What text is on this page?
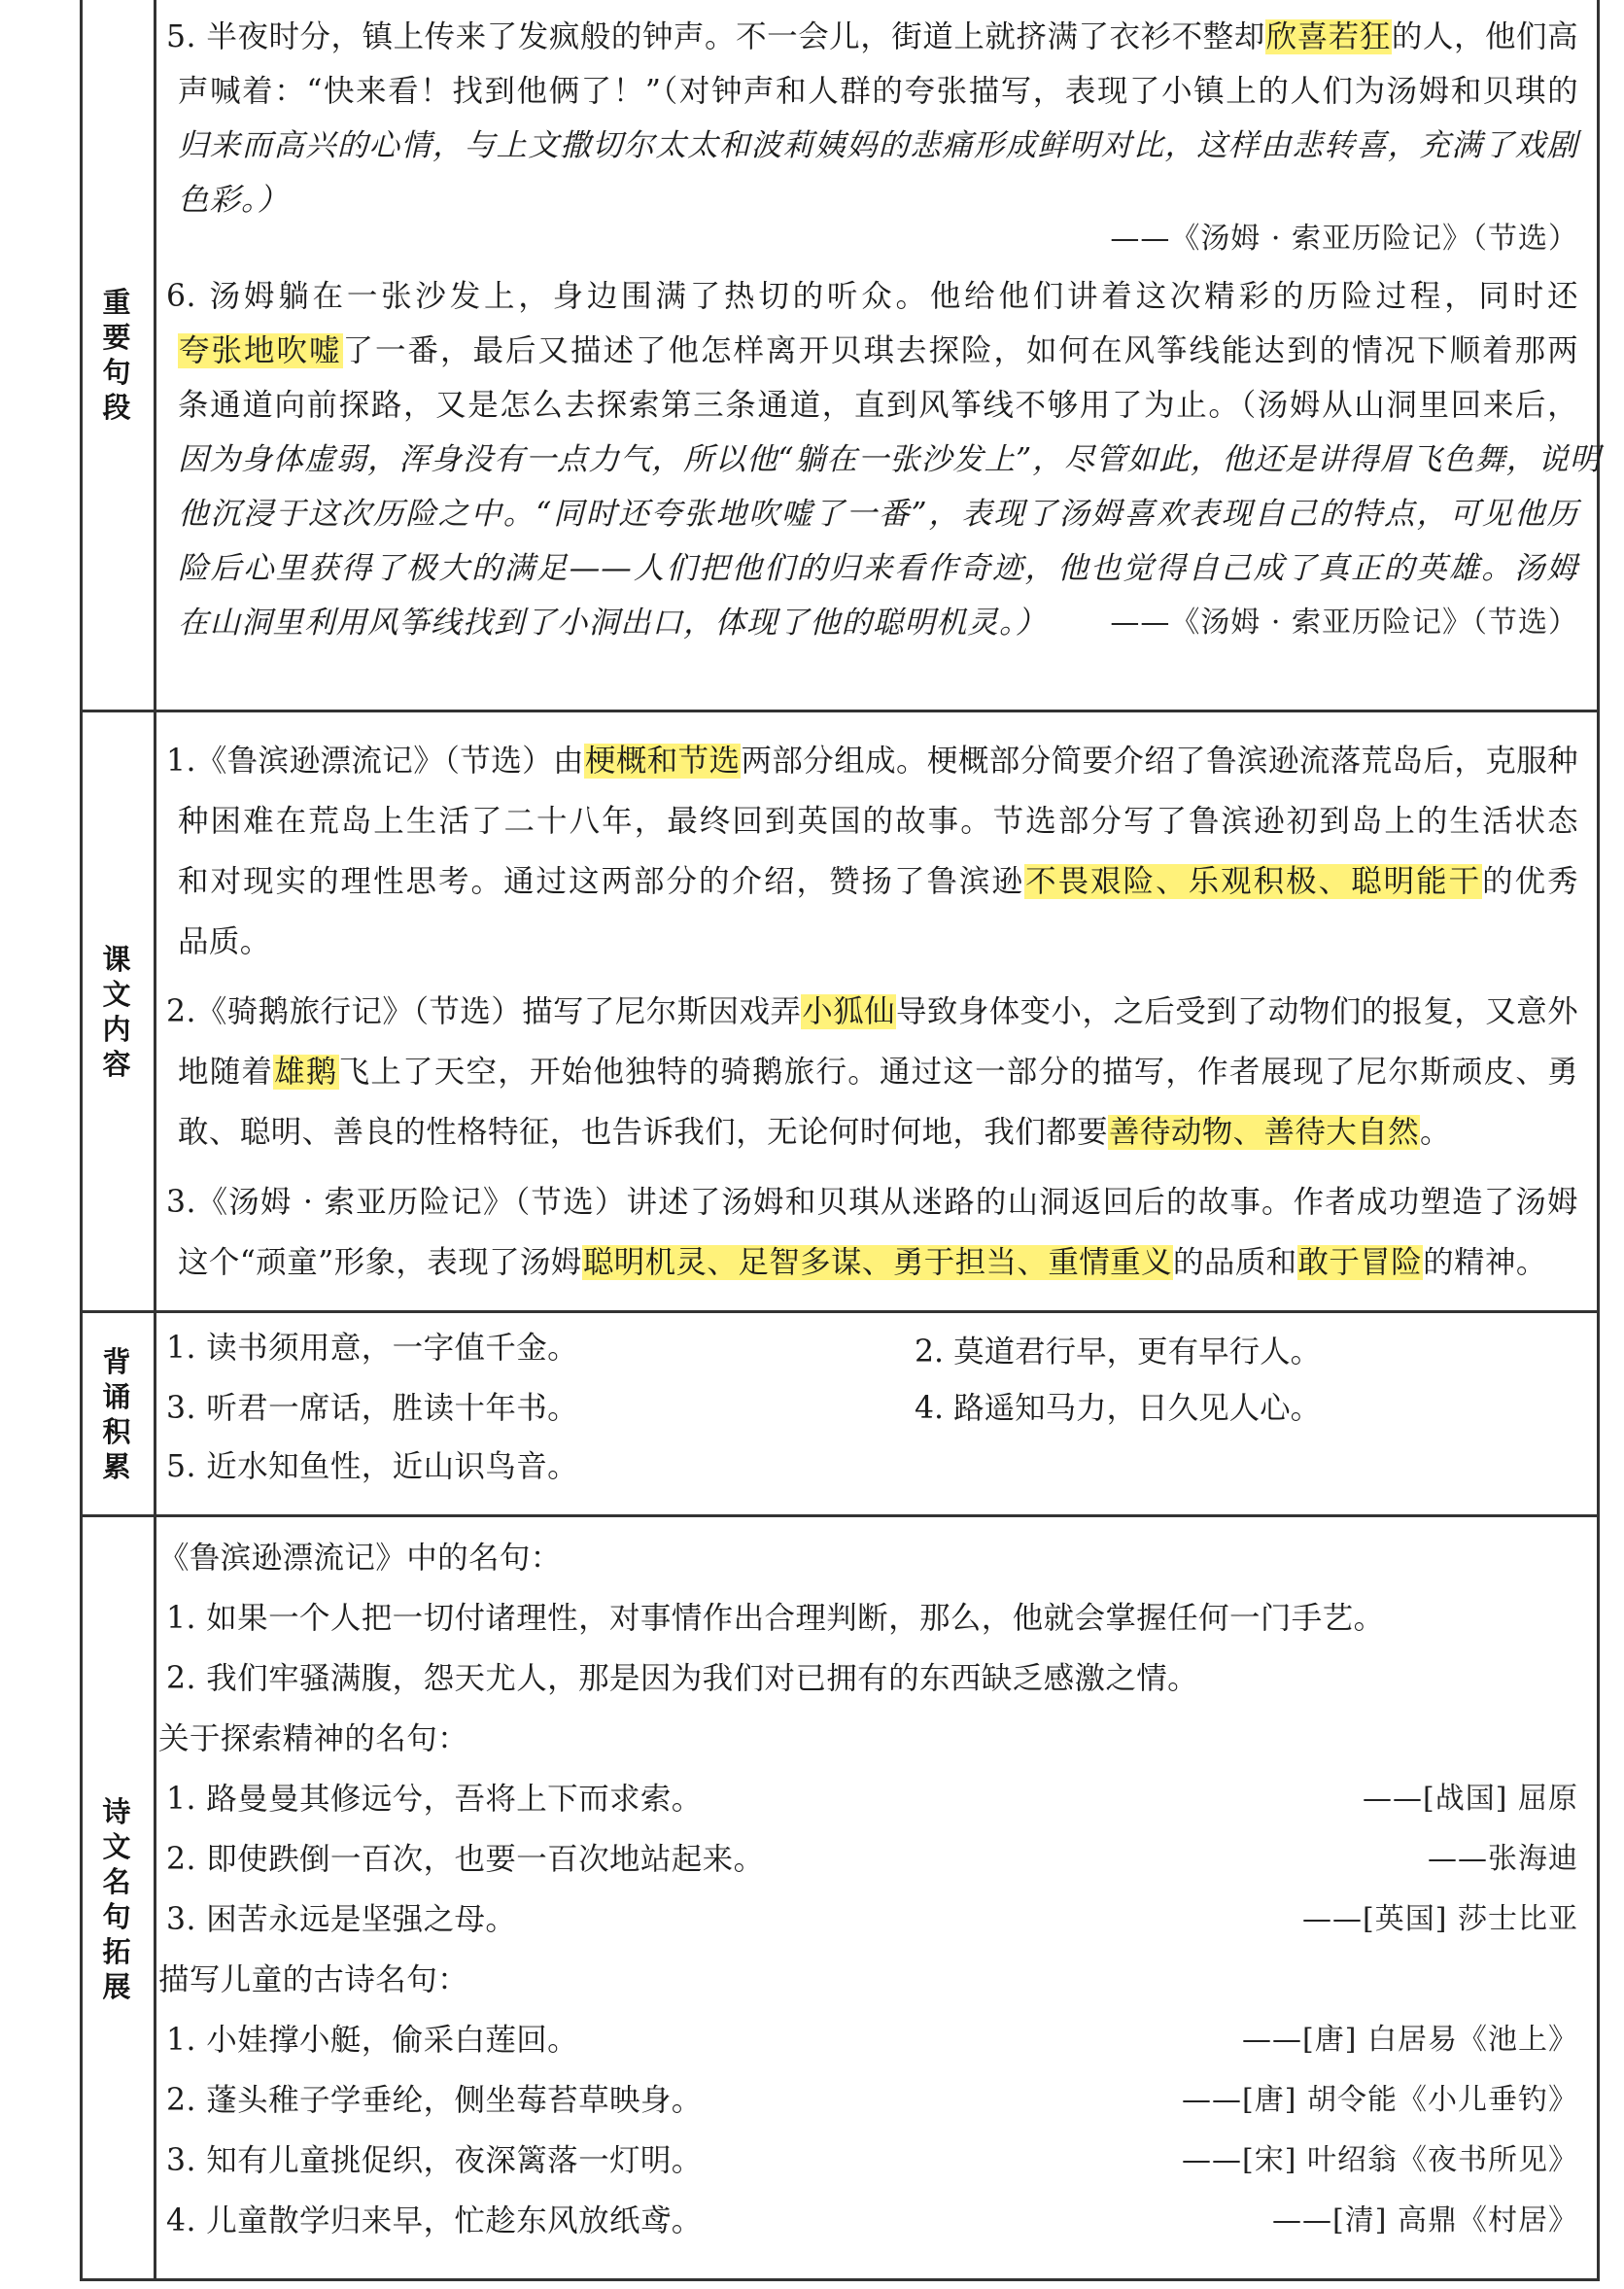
重要句段
5. 半夜时分，镇上传来了发疯般的钟声。不一会儿，街道上就挤满了衣衫不整却欣喜若狂的人，他们高
声喊着：“快来看！找到他俩了！”（对钟声和人群的夸张描写，表现了小镇上的人们为汤姆和贝琪的
归来而高兴的心情，与上文撒切尔太太和波莉姨妈的悲痛形成鲜明对比，这样由悲转喜，充满了戏剧
色彩。）
——《汤姆 · 索亚历险记》（节选）
6. 汤姆躺在一张沙发上，身边围满了热切的听众。他给他们讲着这次精彩的历险过程，同时还
夸张地吹嘘了一番，最后又描述了他怎样离开贝琪去探险，如何在风筝线能达到的情况下顺着那两
条通道向前探路，又是怎么去探索第三条通道，直到风筝线不够用了为止。（汤姆从山洞里回来后，
因为身体虚弱，浑身没有一点力气，所以他“躺在一张沙发上”，尽管如此，他还是讲得眉飞色舞，说明
他沉浸于这次历险之中。“同时还夸张地吹嘘了一番”，表现了汤姆喜欢表现自己的特点，可见他历
险后心里获得了极大的满足——人们把他们的归来看作奇迹，他也觉得自己成了真正的英雄。汤姆
在山洞里利用风筝线找到了小洞出口，体现了他的聪明机灵。） ——《汤姆 · 索亚历险记》（节选）
课文内容
1.《鲁滨逊漂流记》（节选）由梗概和节选两部分组成。梗概部分简要介绍了鲁滨逊流落荒岛后，克服种
种困难在荒岛上生活了二十八年，最终回到英国的故事。节选部分写了鲁滨逊初到岛上的生活状态
和对现实的理性思考。通过这两部分的介绍，赞扬了鲁滨逊不畏艰险、乐观积极、聪明能干的优秀
品质。
2.《骑鹅旅行记》（节选）描写了尼尔斯因戏弄小狐仙导致身体变小，之后受到了动物们的报复，又意外
地随着雄鹅飞上了天空，开始他独特的骑鹅旅行。通过这一部分的描写，作者展现了尼尔斯顽皮、勇
敢、聪明、善良的性格特征，也告诉我们，无论何时何地，我们都要善待动物、善待大自然。
3.《汤姆 · 索亚历险记》（节选）讲述了汤姆和贝琪从迷路的山洞返回后的故事。作者成功塑造了汤姆
这个“顽童”形象，表现了汤姆聪明机灵、足智多谋、勇于担当、重情重义的品质和敢于冒险的精神。
背诵积累
1. 读书须用意，一字值千金。	2. 莫道君行早，更有早行人。
3. 听君一席话，胜读十年书。	4. 路遥知马力，日久见人心。
5. 近水知鱼性，近山识鸟音。
诗文名句拓展
《鲁滨逊漂流记》中的名句：
1. 如果一个人把一切付诸理性，对事情作出合理判断，那么，他就会掌握任何一门手艺。
2. 我们牢骚满腹，怨天尤人，那是因为我们对已拥有的东西缺乏感激之情。
关于探索精神的名句：
1. 路曼曼其修远兮，吾将上下而求索。	——[战国] 屈原
2. 即使跌倒一百次，也要一百次地站起来。	——张海迪
3. 困苦永远是坚强之母。	——[英国] 莎士比亚
描写儿童的古诗名句：
1. 小娃撑小艇，偷采白莲回。	——[唐] 白居易《池上》
2. 蓬头稚子学垂纶，侧坐莓苔草映身。	——[唐] 胡令能《小儿垂钓》
3. 知有儿童挑促织，夜深篱落一灯明。	——[宋] 叶绍翁《夜书所见》
4. 儿童散学归来早，忙趁东风放纸鸢。	——[清] 高鼎《村居》
